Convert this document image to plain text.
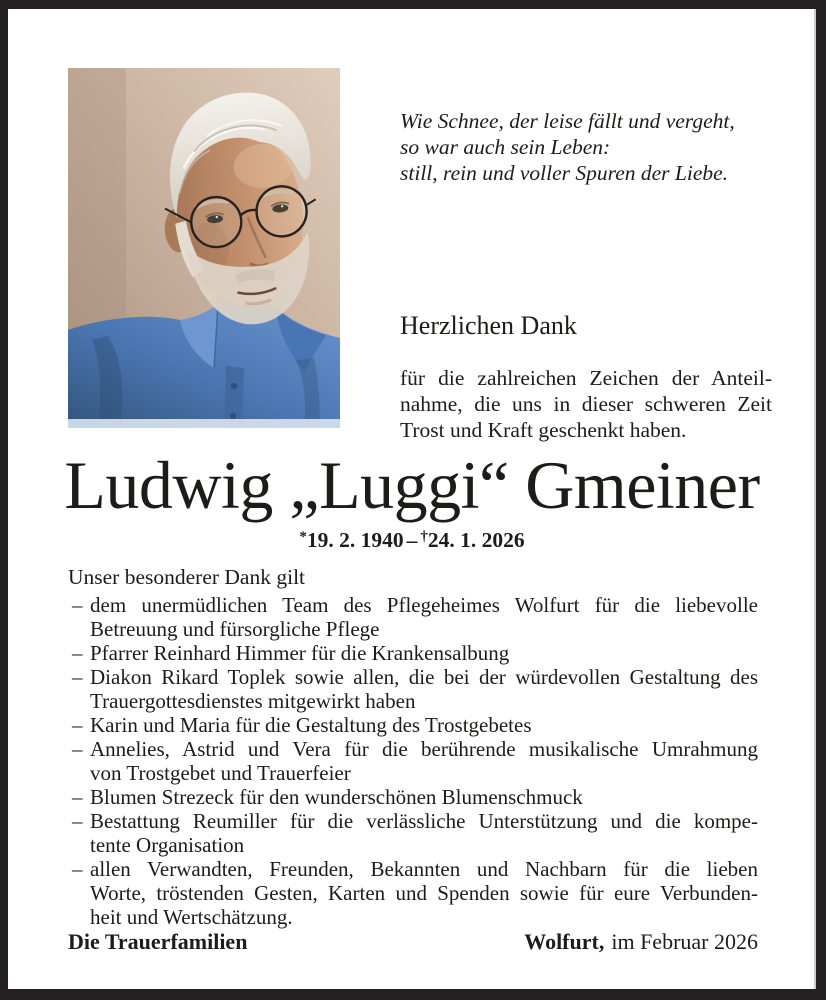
Wie Schnee, der leise fällt und vergeht,
so war auch sein Leben:
still, rein und voller Spuren der Liebe.
Herzlichen Dank
für die zahlreichen Zeichen der Anteil-
nahme, die uns in dieser schweren Zeit
Trost und Kraft geschenkt haben.
Ludwig „Luggi“ Gmeiner
*19. 2. 1940 – †24. 1. 2026
Unser besonderer Dank gilt
– dem unermüdlichen Team des Pflegeheimes Wolfurt für die liebevolle
Betreuung und fürsorgliche Pflege
– Pfarrer Reinhard Himmer für die Krankensalbung
– Diakon Rikard Toplek sowie allen, die bei der würdevollen Gestaltung des
Trauergottesdienstes mitgewirkt haben
– Karin und Maria für die Gestaltung des Trostgebetes
– Annelies, Astrid und Vera für die berührende musikalische Umrahmung
von Trostgebet und Trauerfeier
– Blumen Strezeck für den wunderschönen Blumenschmuck
– Bestattung Reumiller für die verlässliche Unterstützung und die kompe-
tente Organisation
– allen Verwandten, Freunden, Bekannten und Nachbarn für die lieben
Worte, tröstenden Gesten, Karten und Spenden sowie für eure Verbunden-
heit und Wertschätzung.
Die Trauerfamilien	Wolfurt, im Februar 2026
